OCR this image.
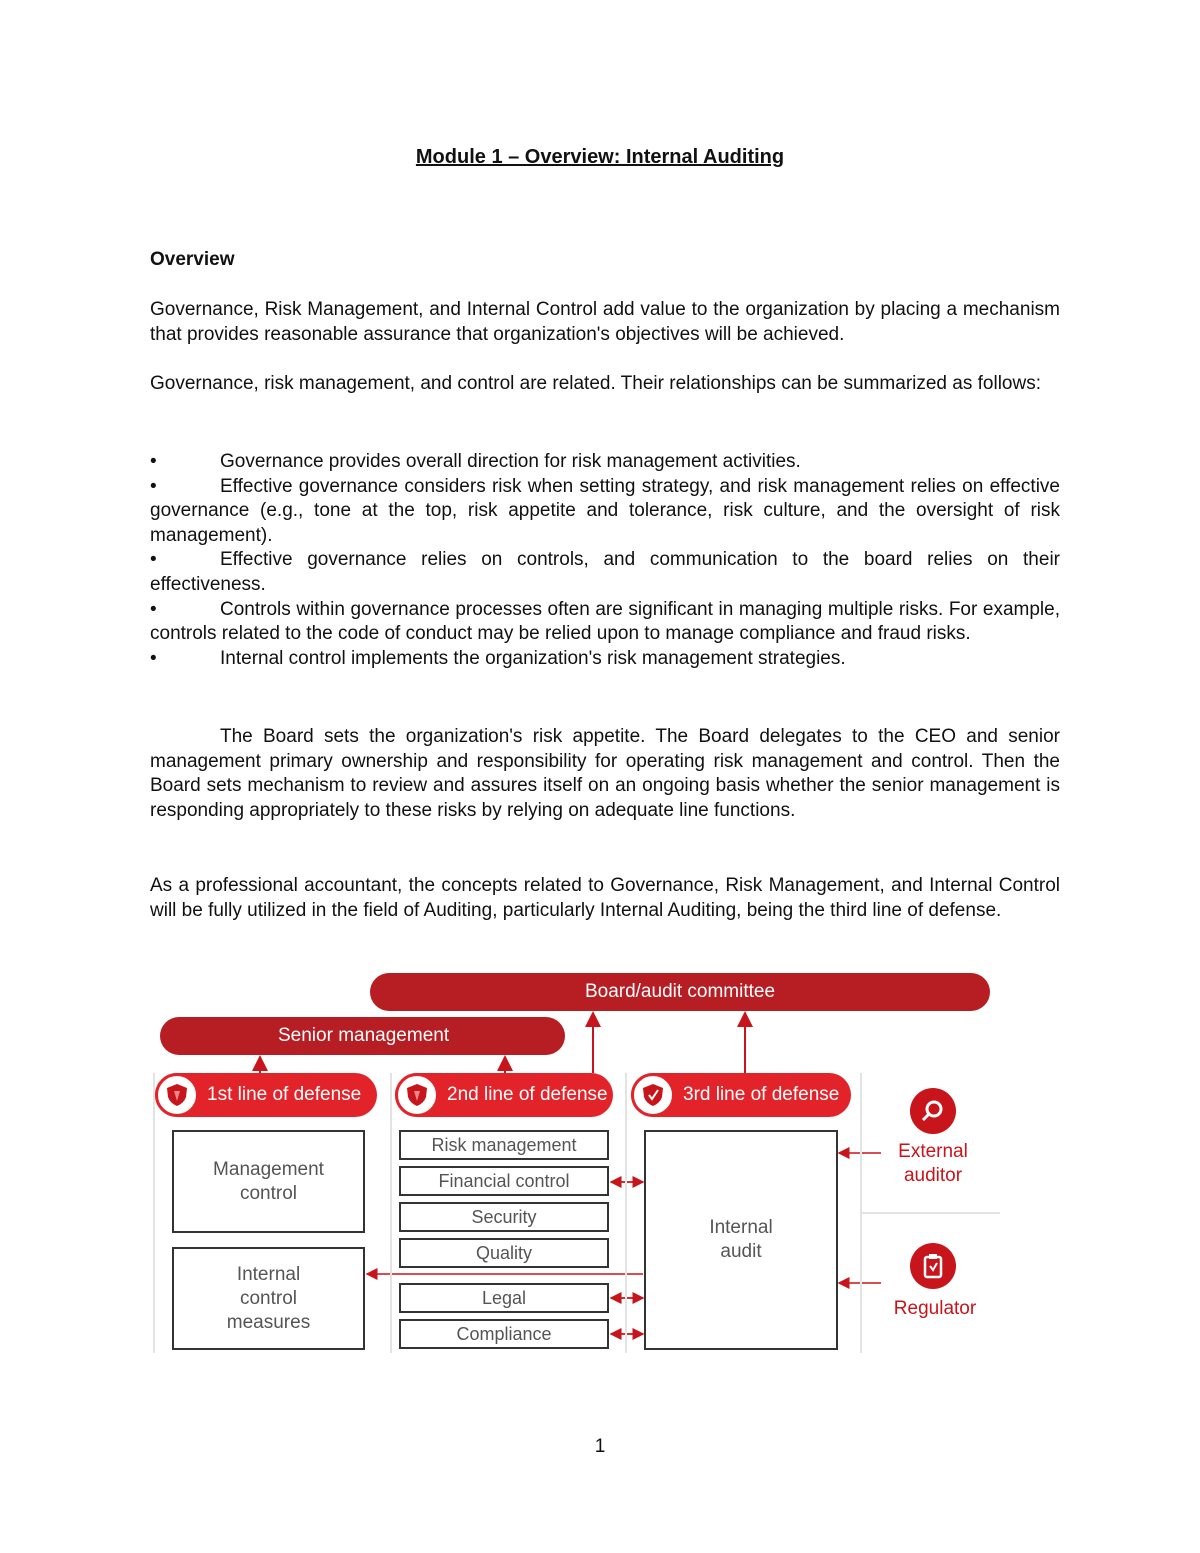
Module 1 – Overview: Internal Auditing
Overview

Governance, Risk Management, and Internal Control add value to the organization by placing a mechanism that provides reasonable assurance that organization's objectives will be achieved.

Governance, risk management, and control are related. Their relationships can be summarized as follows:

•	Governance provides overall direction for risk management activities.
•	Effective governance considers risk when setting strategy, and risk management relies on effective governance (e.g., tone at the top, risk appetite and tolerance, risk culture, and the oversight of risk management).
•	Effective governance relies on controls, and communication to the board relies on their effectiveness.
•	Controls within governance processes often are significant in managing multiple risks. For example, controls related to the code of conduct may be relied upon to manage compliance and fraud risks.
•	Internal control implements the organization's risk management strategies.

The Board sets the organization's risk appetite. The Board delegates to the CEO and senior management primary ownership and responsibility for operating risk management and control. Then the Board sets mechanism to review and assures itself on an ongoing basis whether the senior management is responding appropriately to these risks by relying on adequate line functions.

As a professional accountant, the concepts related to Governance, Risk Management, and Internal Control will be fully utilized in the field of Auditing, particularly Internal Auditing, being the third line of defense.

Board/audit committee
Senior management
1st line of defense	2nd line of defense	3rd line of defense
Management control
Internal control measures
Risk management
Financial control
Security
Quality
Legal
Compliance
Internal audit
External auditor
Regulator
1
